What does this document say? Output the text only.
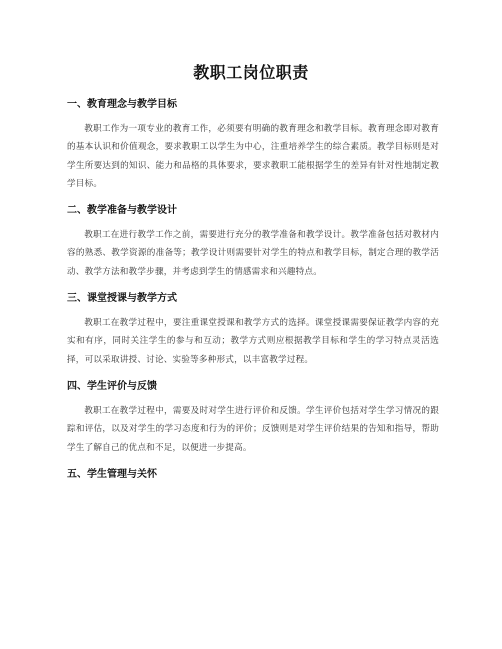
教职工岗位职责
一、教育理念与教学目标

教职工作为一项专业的教育工作，必须要有明确的教育理念和教学目标。教育理念即对教育的基本认识和价值观念，要求教职工以学生为中心，注重培养学生的综合素质。教学目标则是对学生所要达到的知识、能力和品格的具体要求，要求教职工能根据学生的差异有针对性地制定教学目标。

二、教学准备与教学设计

教职工在进行教学工作之前，需要进行充分的教学准备和教学设计。教学准备包括对教材内容的熟悉、教学资源的准备等；教学设计则需要针对学生的特点和教学目标，制定合理的教学活动、教学方法和教学步骤，并考虑到学生的情感需求和兴趣特点。

三、课堂授课与教学方式

教职工在教学过程中，要注重课堂授课和教学方式的选择。课堂授课需要保证教学内容的充实和有序，同时关注学生的参与和互动；教学方式则应根据教学目标和学生的学习特点灵活选择，可以采取讲授、讨论、实验等多种形式，以丰富教学过程。

四、学生评价与反馈

教职工在教学过程中，需要及时对学生进行评价和反馈。学生评价包括对学生学习情况的跟踪和评估，以及对学生的学习态度和行为的评价；反馈则是对学生评价结果的告知和指导，帮助学生了解自己的优点和不足，以便进一步提高。

五、学生管理与关怀
